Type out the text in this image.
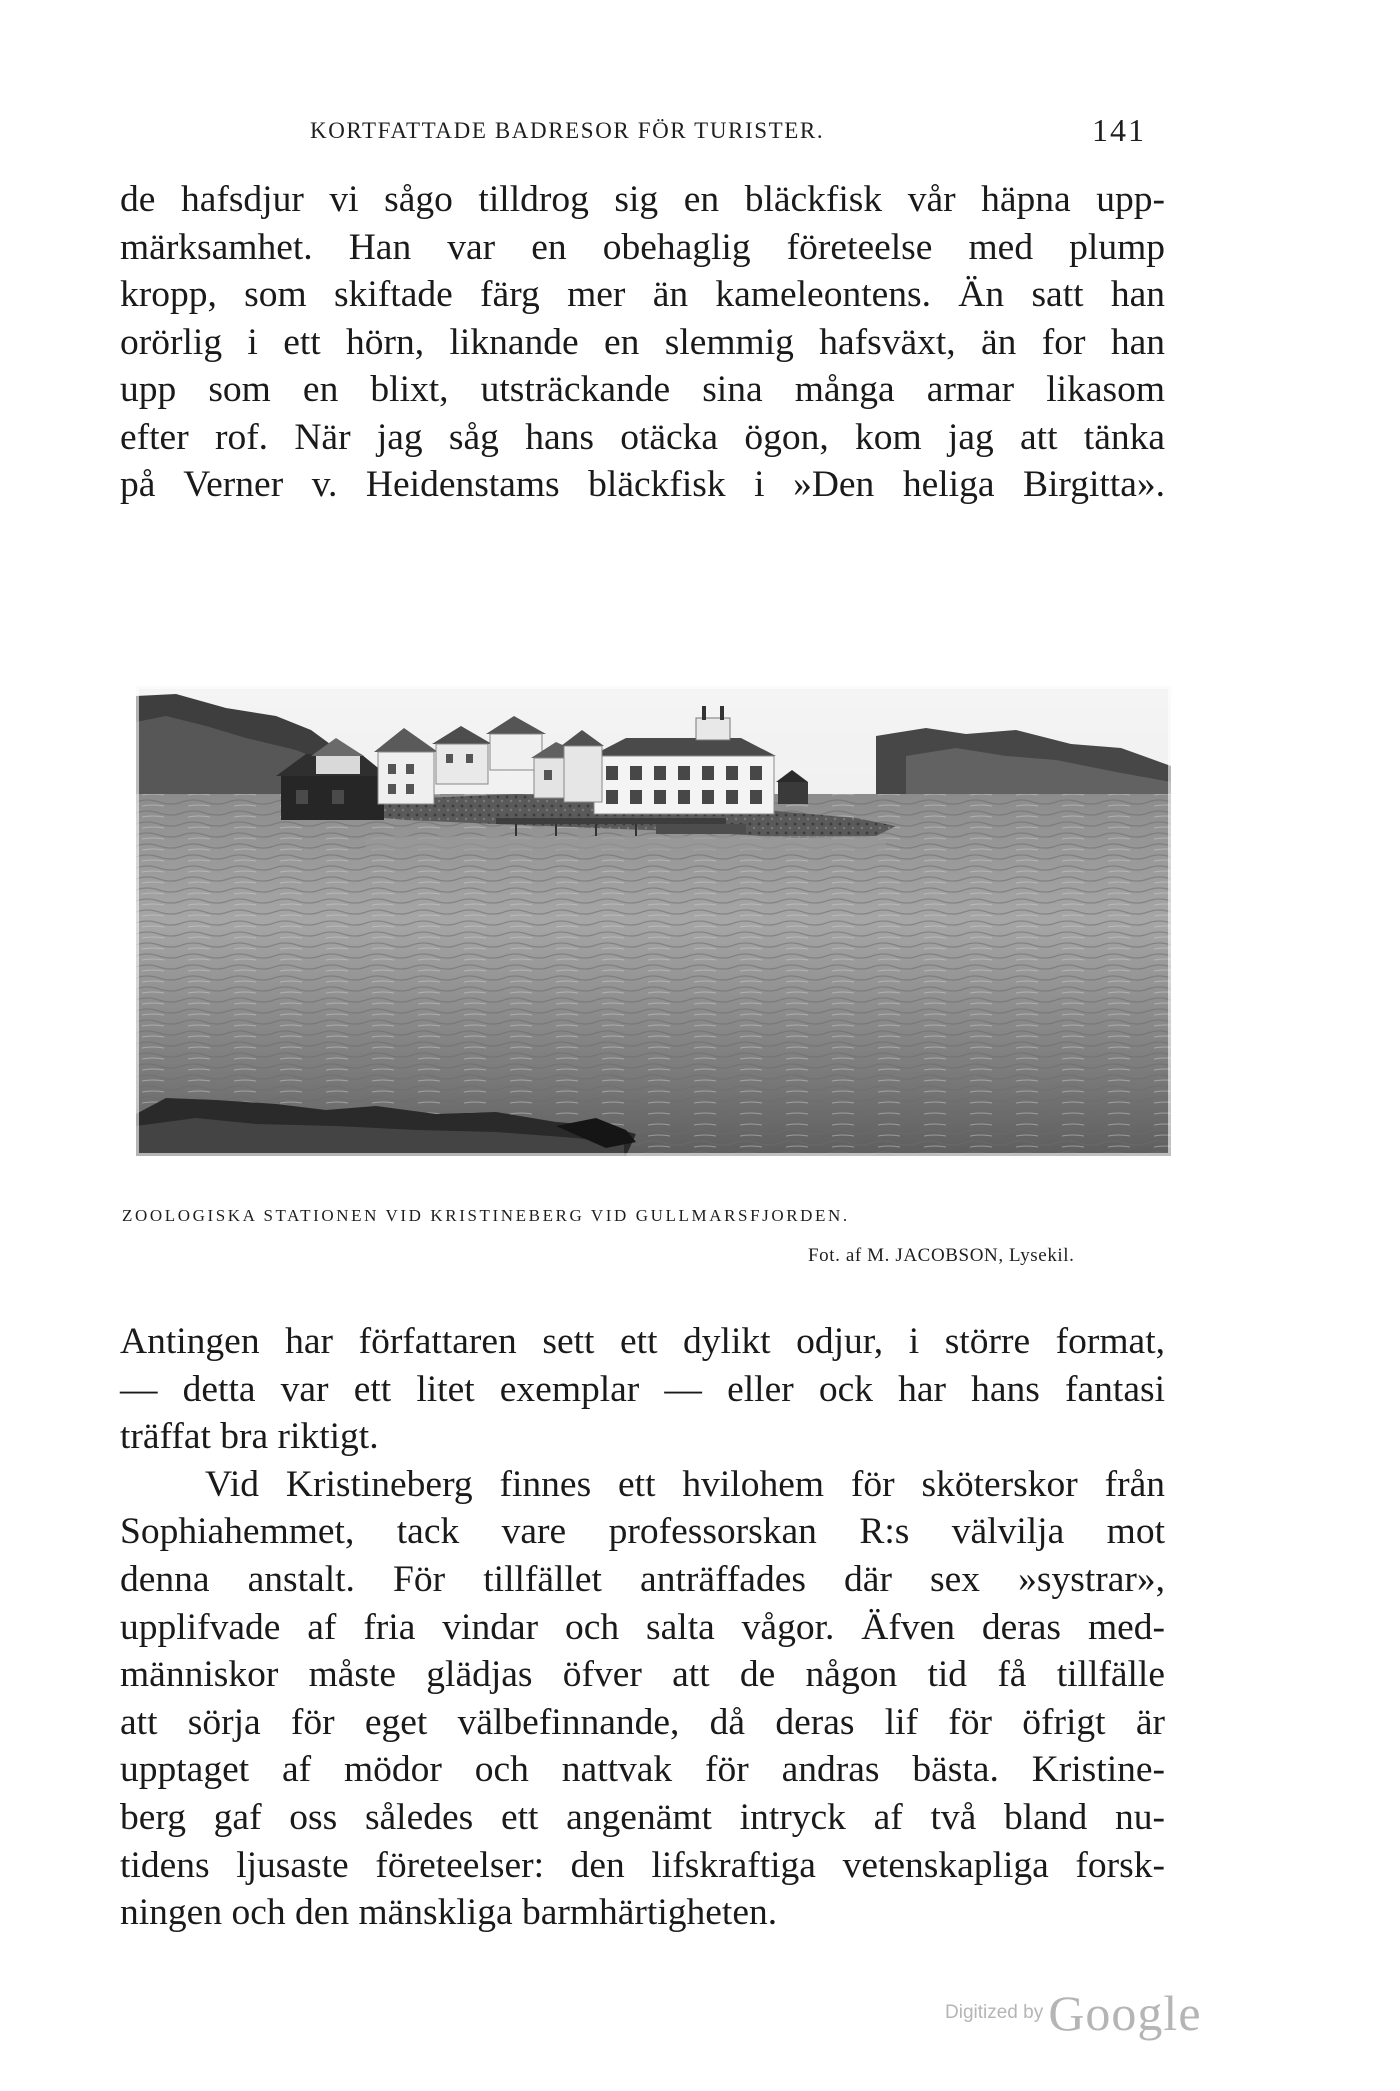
KORTFATTADE BADRESOR FÖR TURISTER.	141
de hafsdjur vi sågo tilldrog sig en bläckfisk vår häpna upp-
märksamhet. Han var en obehaglig företeelse med plump
kropp, som skiftade färg mer än kameleontens. Än satt han
orörlig i ett hörn, liknande en slemmig hafsväxt, än for han
upp som en blixt, utsträckande sina många armar likasom
efter rof. När jag såg hans otäcka ögon, kom jag att tänka
på Verner v. Heidenstams bläckfisk i »Den heliga Birgitta».
ZOOLOGISKA STATIONEN VID KRISTINEBERG VID GULLMARSFJORDEN.
Fot. af M. JACOBSON, Lysekil.
Antingen har författaren sett ett dylikt odjur, i större format,
— detta var ett litet exemplar — eller ock har hans fantasi
träffat bra riktigt.
Vid Kristineberg finnes ett hvilohem för sköterskor från
Sophiahemmet, tack vare professorskan R:s välvilja mot
denna anstalt. För tillfället anträffades där sex »systrar»,
upplifvade af fria vindar och salta vågor. Äfven deras med-
människor måste glädjas öfver att de någon tid få tillfälle
att sörja för eget välbefinnande, då deras lif för öfrigt är
upptaget af mödor och nattvak för andras bästa. Kristine-
berg gaf oss således ett angenämt intryck af två bland nu-
tidens ljusaste företeelser: den lifskraftiga vetenskapliga forsk-
ningen och den mänskliga barmhärtigheten.
Digitized by Google
